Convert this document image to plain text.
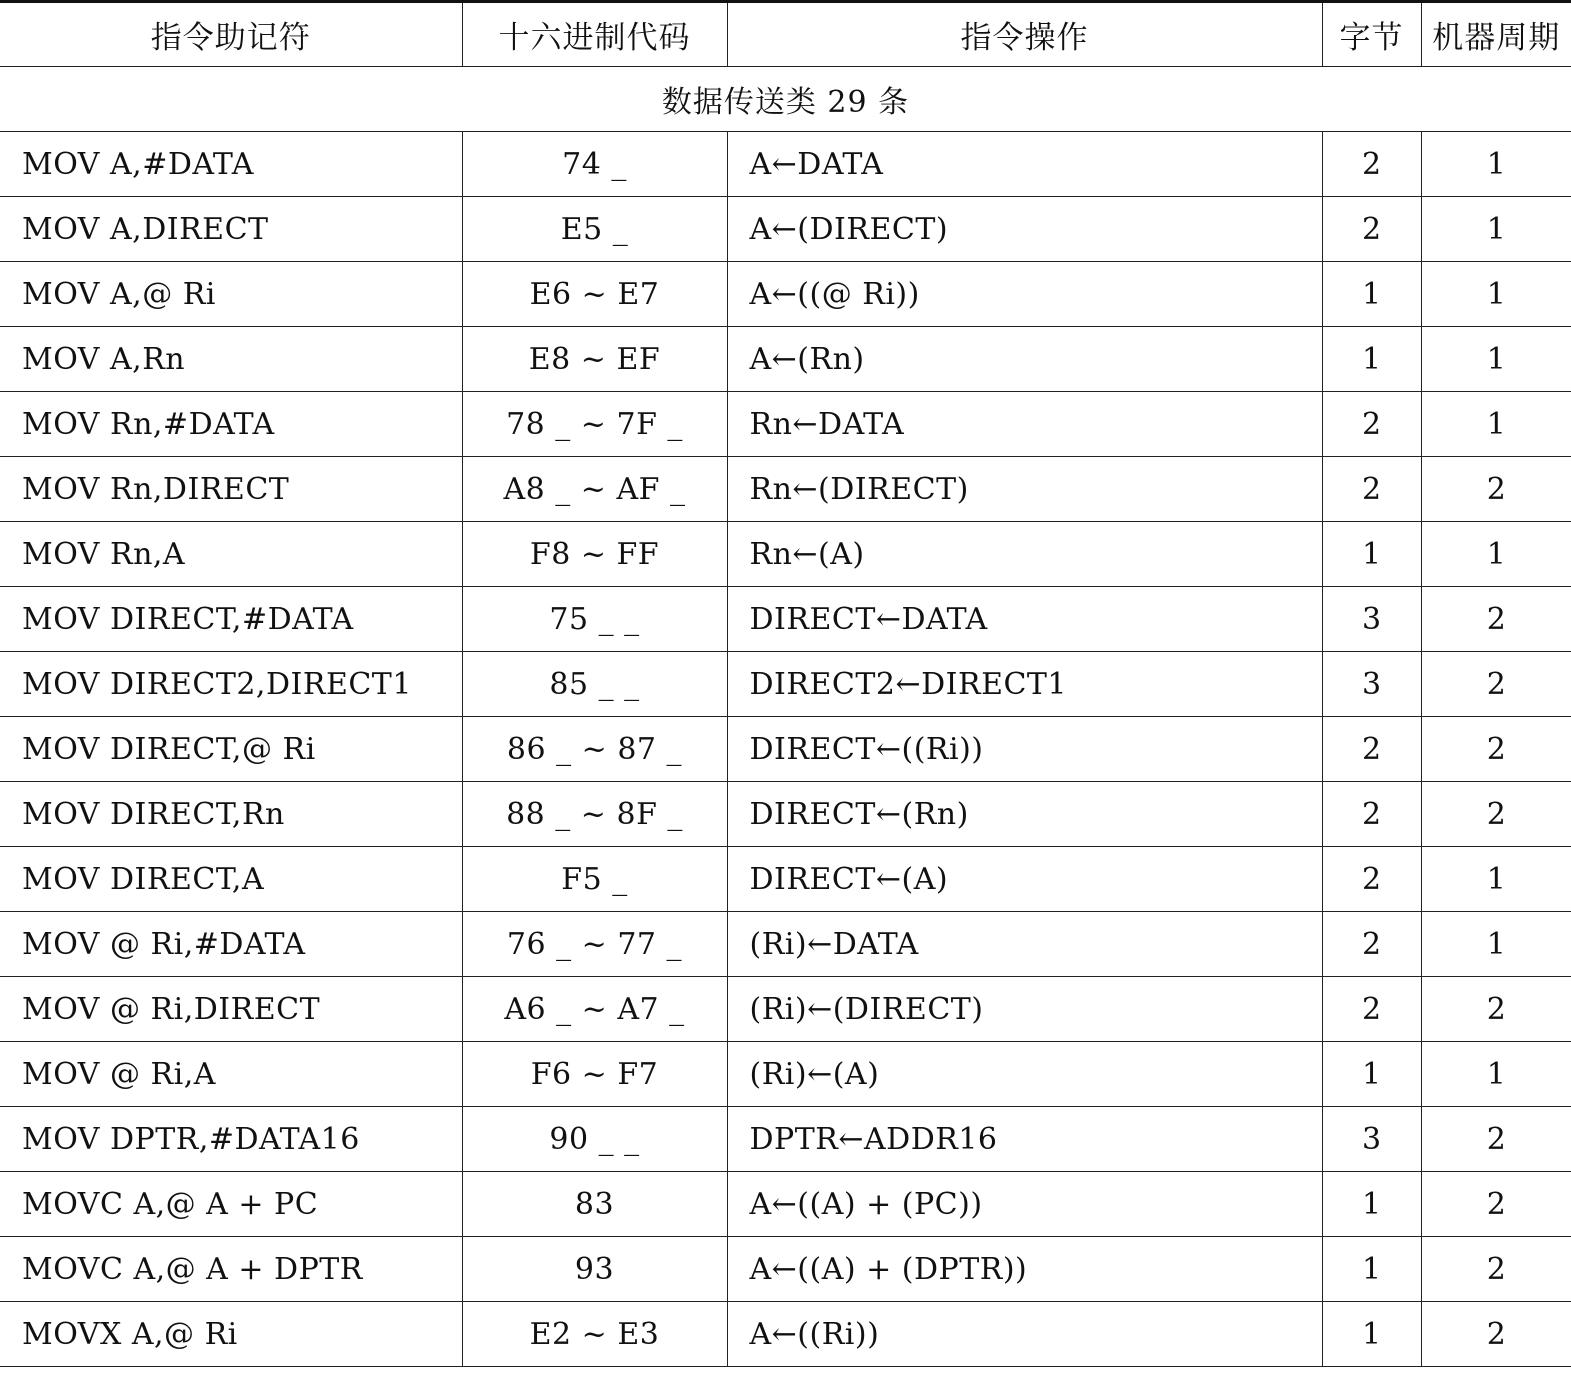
指令助记符	十六进制代码	指令操作	字节	机器周期
数据传送类 29 条				
MOV A,#DATA	74 _	A←DATA	2	1
MOV A,DIRECT	E5 _	A←(DIRECT)	2	1
MOV A,@ Ri	E6 ~ E7	A←((@ Ri))	1	1
MOV A,Rn	E8 ~ EF	A←(Rn)	1	1
MOV Rn,#DATA	78 _ ~ 7F _	Rn←DATA	2	1
MOV Rn,DIRECT	A8 _ ~ AF _	Rn←(DIRECT)	2	2
MOV Rn,A	F8 ~ FF	Rn←(A)	1	1
MOV DIRECT,#DATA	75 _ _	DIRECT←DATA	3	2
MOV DIRECT2,DIRECT1	85 _ _	DIRECT2←DIRECT1	3	2
MOV DIRECT,@ Ri	86 _ ~ 87 _	DIRECT←((Ri))	2	2
MOV DIRECT,Rn	88 _ ~ 8F _	DIRECT←(Rn)	2	2
MOV DIRECT,A	F5 _	DIRECT←(A)	2	1
MOV @ Ri,#DATA	76 _ ~ 77 _	(Ri)←DATA	2	1
MOV @ Ri,DIRECT	A6 _ ~ A7 _	(Ri)←(DIRECT)	2	2
MOV @ Ri,A	F6 ~ F7	(Ri)←(A)	1	1
MOV DPTR,#DATA16	90 _ _	DPTR←ADDR16	3	2
MOVC A,@ A + PC	83	A←((A) + (PC))	1	2
MOVC A,@ A + DPTR	93	A←((A) + (DPTR))	1	2
MOVX A,@ Ri	E2 ~ E3	A←((Ri))	1	2
